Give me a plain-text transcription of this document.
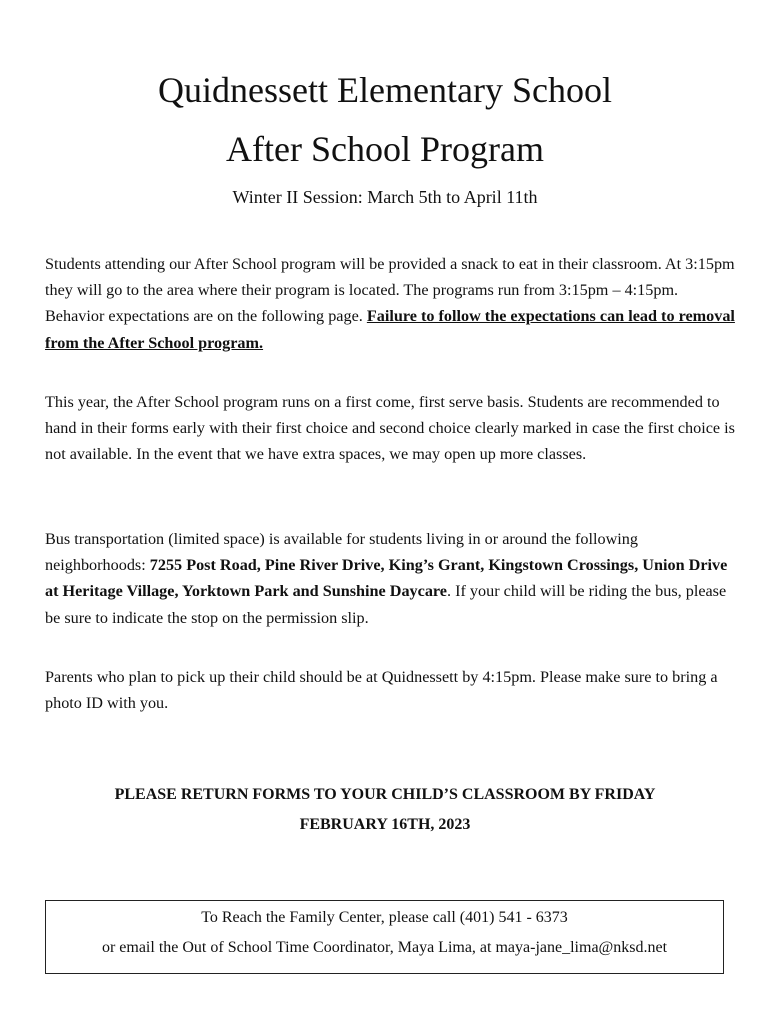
Quidnessett Elementary School
After School Program
Winter II Session: March 5th to April 11th

Students attending our After School program will be provided a snack to eat in their classroom. At 3:15pm they will go to the area where their program is located. The programs run from 3:15pm – 4:15pm. Behavior expectations are on the following page. Failure to follow the expectations can lead to removal from the After School program.

This year, the After School program runs on a first come, first serve basis. Students are recommended to hand in their forms early with their first choice and second choice clearly marked in case the first choice is not available. In the event that we have extra spaces, we may open up more classes.

Bus transportation (limited space) is available for students living in or around the following neighborhoods: 7255 Post Road, Pine River Drive, King’s Grant, Kingstown Crossings, Union Drive at Heritage Village, Yorktown Park and Sunshine Daycare. If your child will be riding the bus, please be sure to indicate the stop on the permission slip.

Parents who plan to pick up their child should be at Quidnessett by 4:15pm. Please make sure to bring a photo ID with you.

PLEASE RETURN FORMS TO YOUR CHILD’S CLASSROOM BY FRIDAY
FEBRUARY 16TH, 2023
To Reach the Family Center, please call (401) 541 - 6373
or email the Out of School Time Coordinator, Maya Lima, at maya-jane_lima@nksd.net
